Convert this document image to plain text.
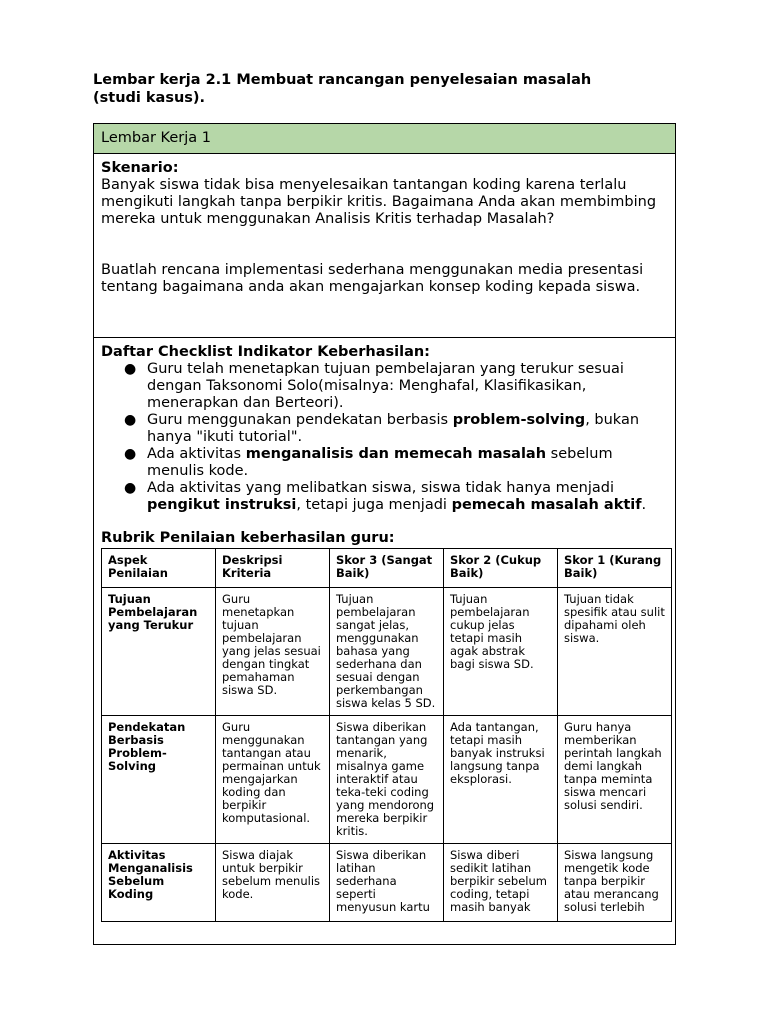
Lembar kerja 2.1 Membuat rancangan penyelesaian masalah
(studi kasus).
Lembar Kerja 1
Skenario:

Banyak siswa tidak bisa menyelesaikan tantangan koding karena terlalu mengikuti langkah tanpa berpikir kritis. Bagaimana Anda akan membimbing mereka untuk menggunakan Analisis Kritis terhadap Masalah?

Buatlah rencana implementasi sederhana menggunakan media presentasi tentang bagaimana anda akan mengajarkan konsep koding kepada siswa.

Daftar Checklist Indikator Keberhasilan:
● Guru telah menetapkan tujuan pembelajaran yang terukur sesuai dengan Taksonomi Solo(misalnya: Menghafal, Klasifikasikan, menerapkan dan Berteori).
● Guru menggunakan pendekatan berbasis problem-solving, bukan hanya "ikuti tutorial".
● Ada aktivitas menganalisis dan memecah masalah sebelum menulis kode.
● Ada aktivitas yang melibatkan siswa, siswa tidak hanya menjadi pengikut instruksi, tetapi juga menjadi pemecah masalah aktif.
Rubrik Penilaian keberhasilan guru:
Aspek Penilaian	Deskripsi Kriteria	Skor 3 (Sangat Baik)	Skor 2 (Cukup Baik)	Skor 1 (Kurang Baik)
Tujuan Pembelajaran yang Terukur	Guru menetapkan tujuan pembelajaran yang jelas sesuai dengan tingkat pemahaman siswa SD.	Tujuan pembelajaran sangat jelas, menggunakan bahasa yang sederhana dan sesuai dengan perkembangan siswa kelas 5 SD.	Tujuan pembelajaran cukup jelas tetapi masih agak abstrak bagi siswa SD.	Tujuan tidak spesifik atau sulit dipahami oleh siswa.
Pendekatan Berbasis Problem-Solving	Guru menggunakan tantangan atau permainan untuk mengajarkan koding dan berpikir komputasional.	Siswa diberikan tantangan yang menarik, misalnya game interaktif atau teka-teki coding yang mendorong mereka berpikir kritis.	Ada tantangan, tetapi masih banyak instruksi langsung tanpa eksplorasi.	Guru hanya memberikan perintah langkah demi langkah tanpa meminta siswa mencari solusi sendiri.
Aktivitas Menganalisis Sebelum Koding	Siswa diajak untuk berpikir sebelum menulis kode.	Siswa diberikan latihan sederhana seperti menyusun kartu	Siswa diberi sedikit latihan berpikir sebelum coding, tetapi masih banyak	Siswa langsung mengetik kode tanpa berpikir atau merancang solusi terlebih
